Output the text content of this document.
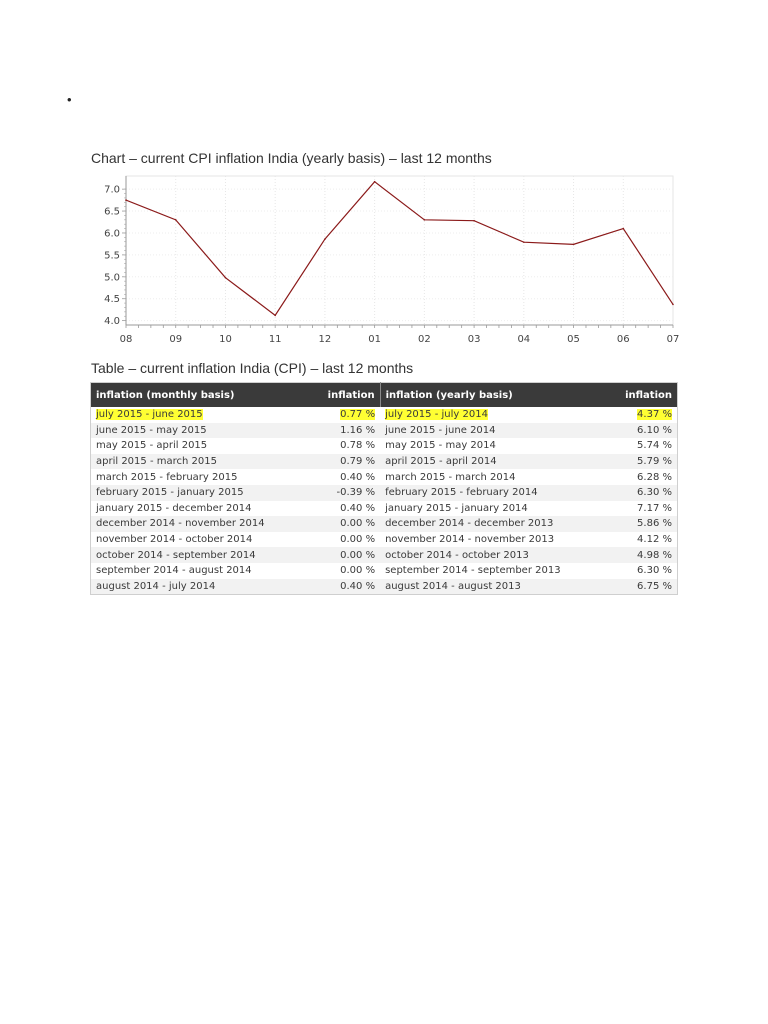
•
Chart – current CPI inflation India (yearly basis) – last 12 months
08	09	10	11	12	01	02	03	04	05	06	07
4.0
4.5
5.0
5.5
6.0
6.5
7.0
Table – current inflation India (CPI) – last 12 months
inflation (monthly basis)	inflation	inflation (yearly basis)	inflation
july 2015 - june 2015	0.77 %	july 2015 - july 2014	4.37 %
june 2015 - may 2015	1.16 %	june 2015 - june 2014	6.10 %
may 2015 - april 2015	0.78 %	may 2015 - may 2014	5.74 %
april 2015 - march 2015	0.79 %	april 2015 - april 2014	5.79 %
march 2015 - february 2015	0.40 %	march 2015 - march 2014	6.28 %
february 2015 - january 2015	-0.39 %	february 2015 - february 2014	6.30 %
january 2015 - december 2014	0.40 %	january 2015 - january 2014	7.17 %
december 2014 - november 2014	0.00 %	december 2014 - december 2013	5.86 %
november 2014 - october 2014	0.00 %	november 2014 - november 2013	4.12 %
october 2014 - september 2014	0.00 %	october 2014 - october 2013	4.98 %
september 2014 - august 2014	0.00 %	september 2014 - september 2013	6.30 %
august 2014 - july 2014	0.40 %	august 2014 - august 2013	6.75 %
